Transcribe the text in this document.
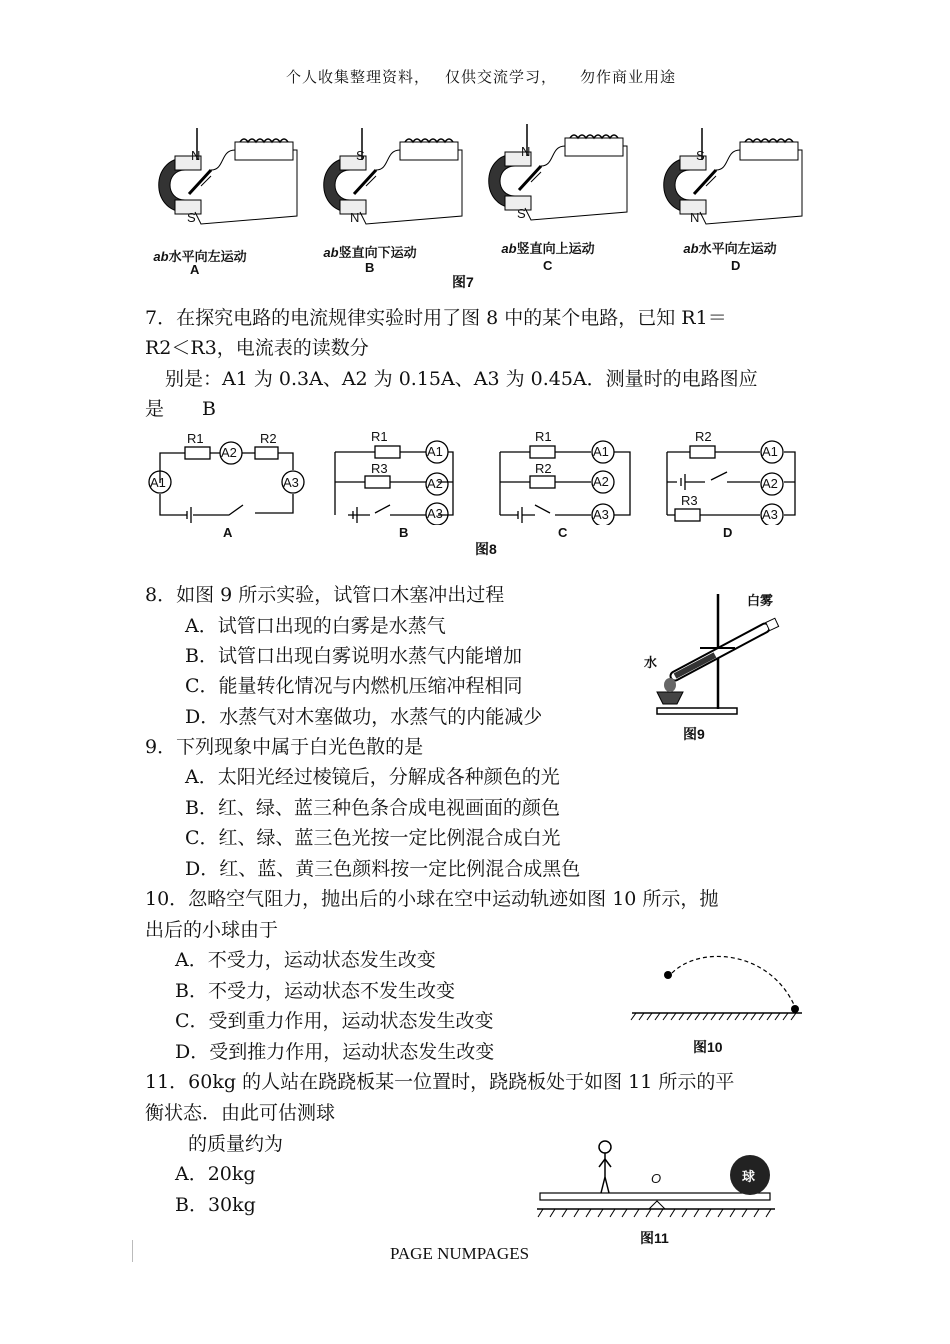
个人收集整理资料， 仅供交流学习， 勿作商业用途
N
S
S
N
N
S
S
N
ab水平向左运动	ab竖直向下运动	ab竖直向上运动	ab水平向左运动
A	B	C	D
图7
7．在探究电路的电流规律实验时用了图 8 中的某个电路，已知 R1＝
R2＜R3，电流表的读数分
别是：A1 为 0.3A、A2 为 0.15A、A3 为 0.45A．测量时的电路图应
是　　B
R1	R2
A2
A1	A3
R1
R3
A1
A2
A3
R1
R2
A1
A2
A3
R2
R3
A1
A2
A3
A	B	C	D
图8
8．如图 9 所示实验，试管口木塞冲出过程
A．试管口出现的白雾是水蒸气
B．试管口出现白雾说明水蒸气内能增加
C．能量转化情况与内燃机压缩冲程相同
D．水蒸气对木塞做功，水蒸气的内能减少
白雾
水
图9
9．下列现象中属于白光色散的是
A．太阳光经过棱镜后，分解成各种颜色的光
B．红、绿、蓝三种色条合成电视画面的颜色
C．红、绿、蓝三色光按一定比例混合成白光
D．红、蓝、黄三色颜料按一定比例混合成黑色
10．忽略空气阻力，抛出后的小球在空中运动轨迹如图 10 所示，抛
出后的小球由于
A．不受力，运动状态发生改变
B．不受力，运动状态不发生改变
C．受到重力作用，运动状态发生改变
D．受到推力作用，运动状态发生改变	图10
11．60kg 的人站在跷跷板某一位置时，跷跷板处于如图 11 所示的平
衡状态．由此可估测球
的质量约为
A．20kg
B．30kg
O	球
图11
PAGE NUMPAGES
